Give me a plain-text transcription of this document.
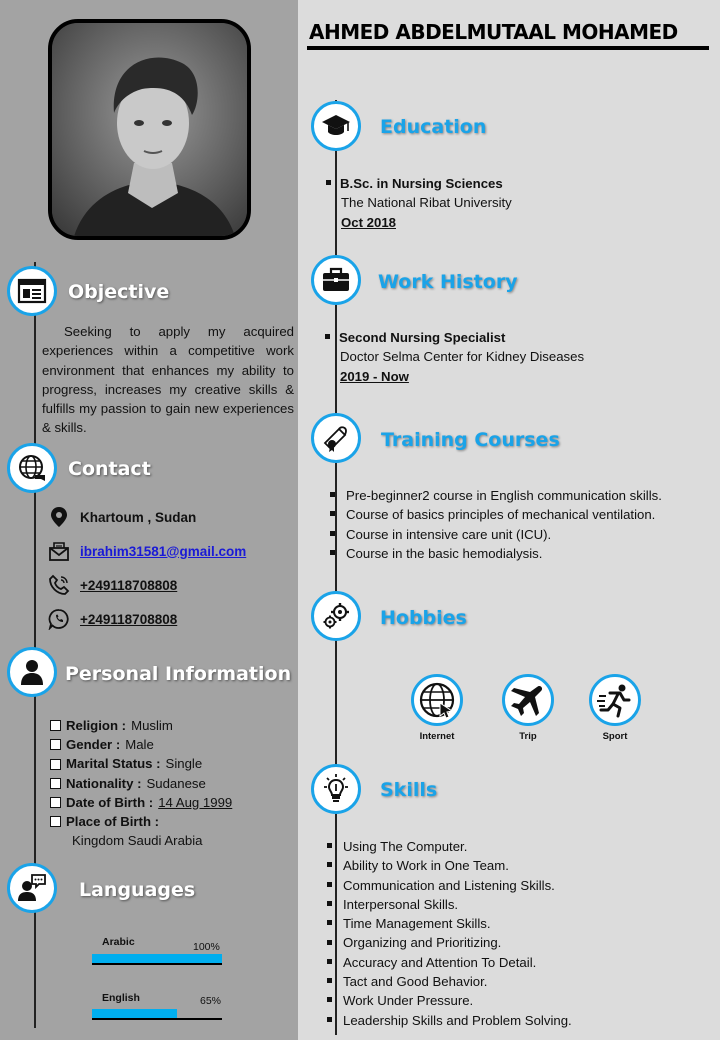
Objective
Seeking to apply my acquired experiences within a competitive work environment that enhances my ability to progress, increases my creative skills & fulfills my passion to gain new experiences & skills.
Contact
Khartoum , Sudan
ibrahim31581@gmail.com
+249118708808
+249118708808
Personal Information
Religion : Muslim
Gender : Male
Marital Status : Single
Nationality : Sudanese
Date of Birth : 14 Aug 1999
Place of Birth :
Kingdom Saudi Arabia
Languages
Arabic	100%
English	65%
AHMED ABDELMUTAAL MOHAMED
Education
B.Sc. in Nursing Sciences
The National Ribat University
Oct 2018
Work History
Second Nursing Specialist
Doctor Selma Center for Kidney Diseases
2019 - Now
Training Courses
Pre-beginner2 course in English communication skills.
Course of basics principles of mechanical ventilation.
Course in intensive care unit (ICU).
Course in the basic hemodialysis.
Hobbies
Internet	Trip	Sport
Skills
Using The Computer.
Ability to Work in One Team.
Communication and Listening Skills.
Interpersonal Skills.
Time Management Skills.
Organizing and Prioritizing.
Accuracy and Attention To Detail.
Tact and Good Behavior.
Work Under Pressure.
Leadership Skills and Problem Solving.
